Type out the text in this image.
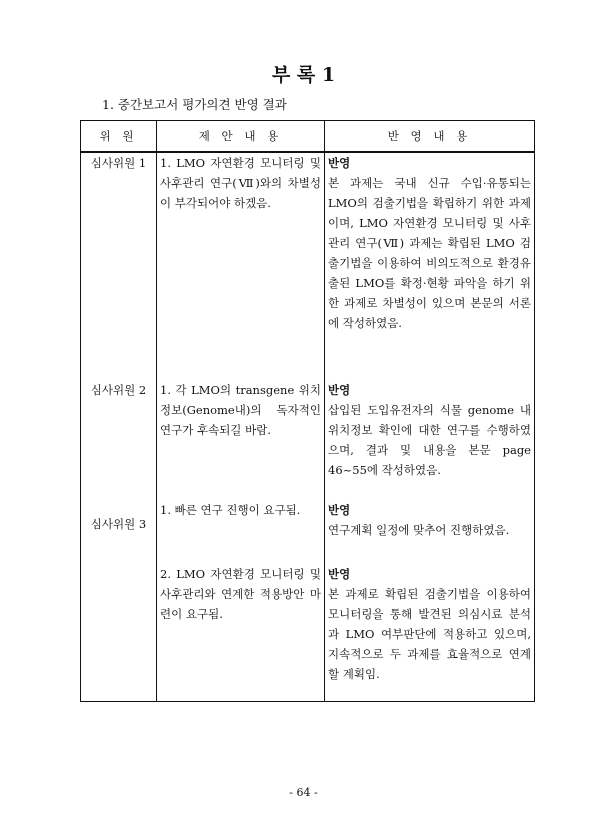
부 록 1
1. 중간보고서 평가의견 반영 결과
위 원	제 안 내 용	반 영 내 용
심사위원 1	1. LMO 자연환경 모니터링 및 사후관리 연구(Ⅶ)와의 차별성이 부각되어야 하겠음.	반영
본 과제는 국내 신규 수입·유통되는 LMO의 검출기법을 확립하기 위한 과제이며, LMO 자연환경 모니터링 및 사후관리 연구(Ⅶ) 과제는 확립된 LMO 검출기법을 이용하여 비의도적으로 환경유출된 LMO를 확정·현황 파악을 하기 위한 과제로 차별성이 있으며 본문의 서론에 작성하였음.
심사위원 2	1. 각 LMO의 transgene 위치정보(Genome내)의 독자적인 연구가 후속되길 바람.	반영
삽입된 도입유전자의 식물 genome 내 위치정보 확인에 대한 연구를 수행하였으며, 결과 및 내용을 본문 page 46~55에 작성하였음.

심사위원 3	1. 빠른 연구 진행이 요구됨.	반영
연구계획 일정에 맞추어 진행하였음.
	2. LMO 자연환경 모니터링 및 사후관리와 연계한 적용방안 마련이 요구됨.	반영
본 과제로 확립된 검출기법을 이용하여 모니터링을 통해 발견된 의심시료 분석과 LMO 여부판단에 적용하고 있으며, 지속적으로 두 과제를 효율적으로 연계할 계획임.
- 64 -
